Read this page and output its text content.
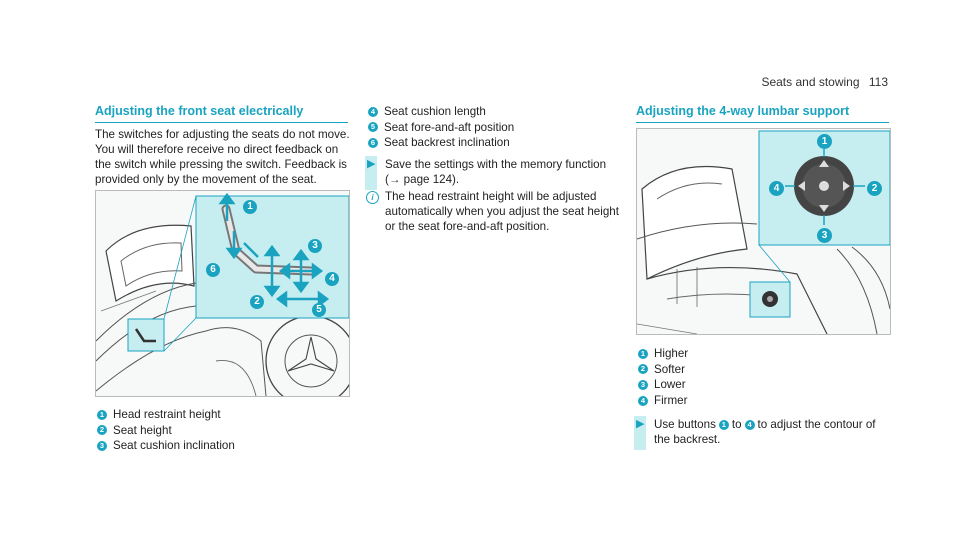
Seats and stowing 113
Adjusting the front seat electrically
The switches for adjusting the seats do not move.
You will therefore receive no direct feedback on
the switch while pressing the switch. Feedback is
provided only by the movement of the seat.
1
2
3
4
5
6
1 Head restraint height
2 Seat height
3 Seat cushion inclination
4 Seat cushion length
5 Seat fore-and-aft position
6 Seat backrest inclination
▶ Save the settings with the memory function
(→ page 124).
i The head restraint height will be adjusted
automatically when you adjust the seat height
or the seat fore-and-aft position.
Adjusting the 4-way lumbar support
1
2
3
4
1 Higher
2 Softer
3 Lower
4 Firmer
▶ Use buttons 1 to 4 to adjust the contour of
the backrest.
